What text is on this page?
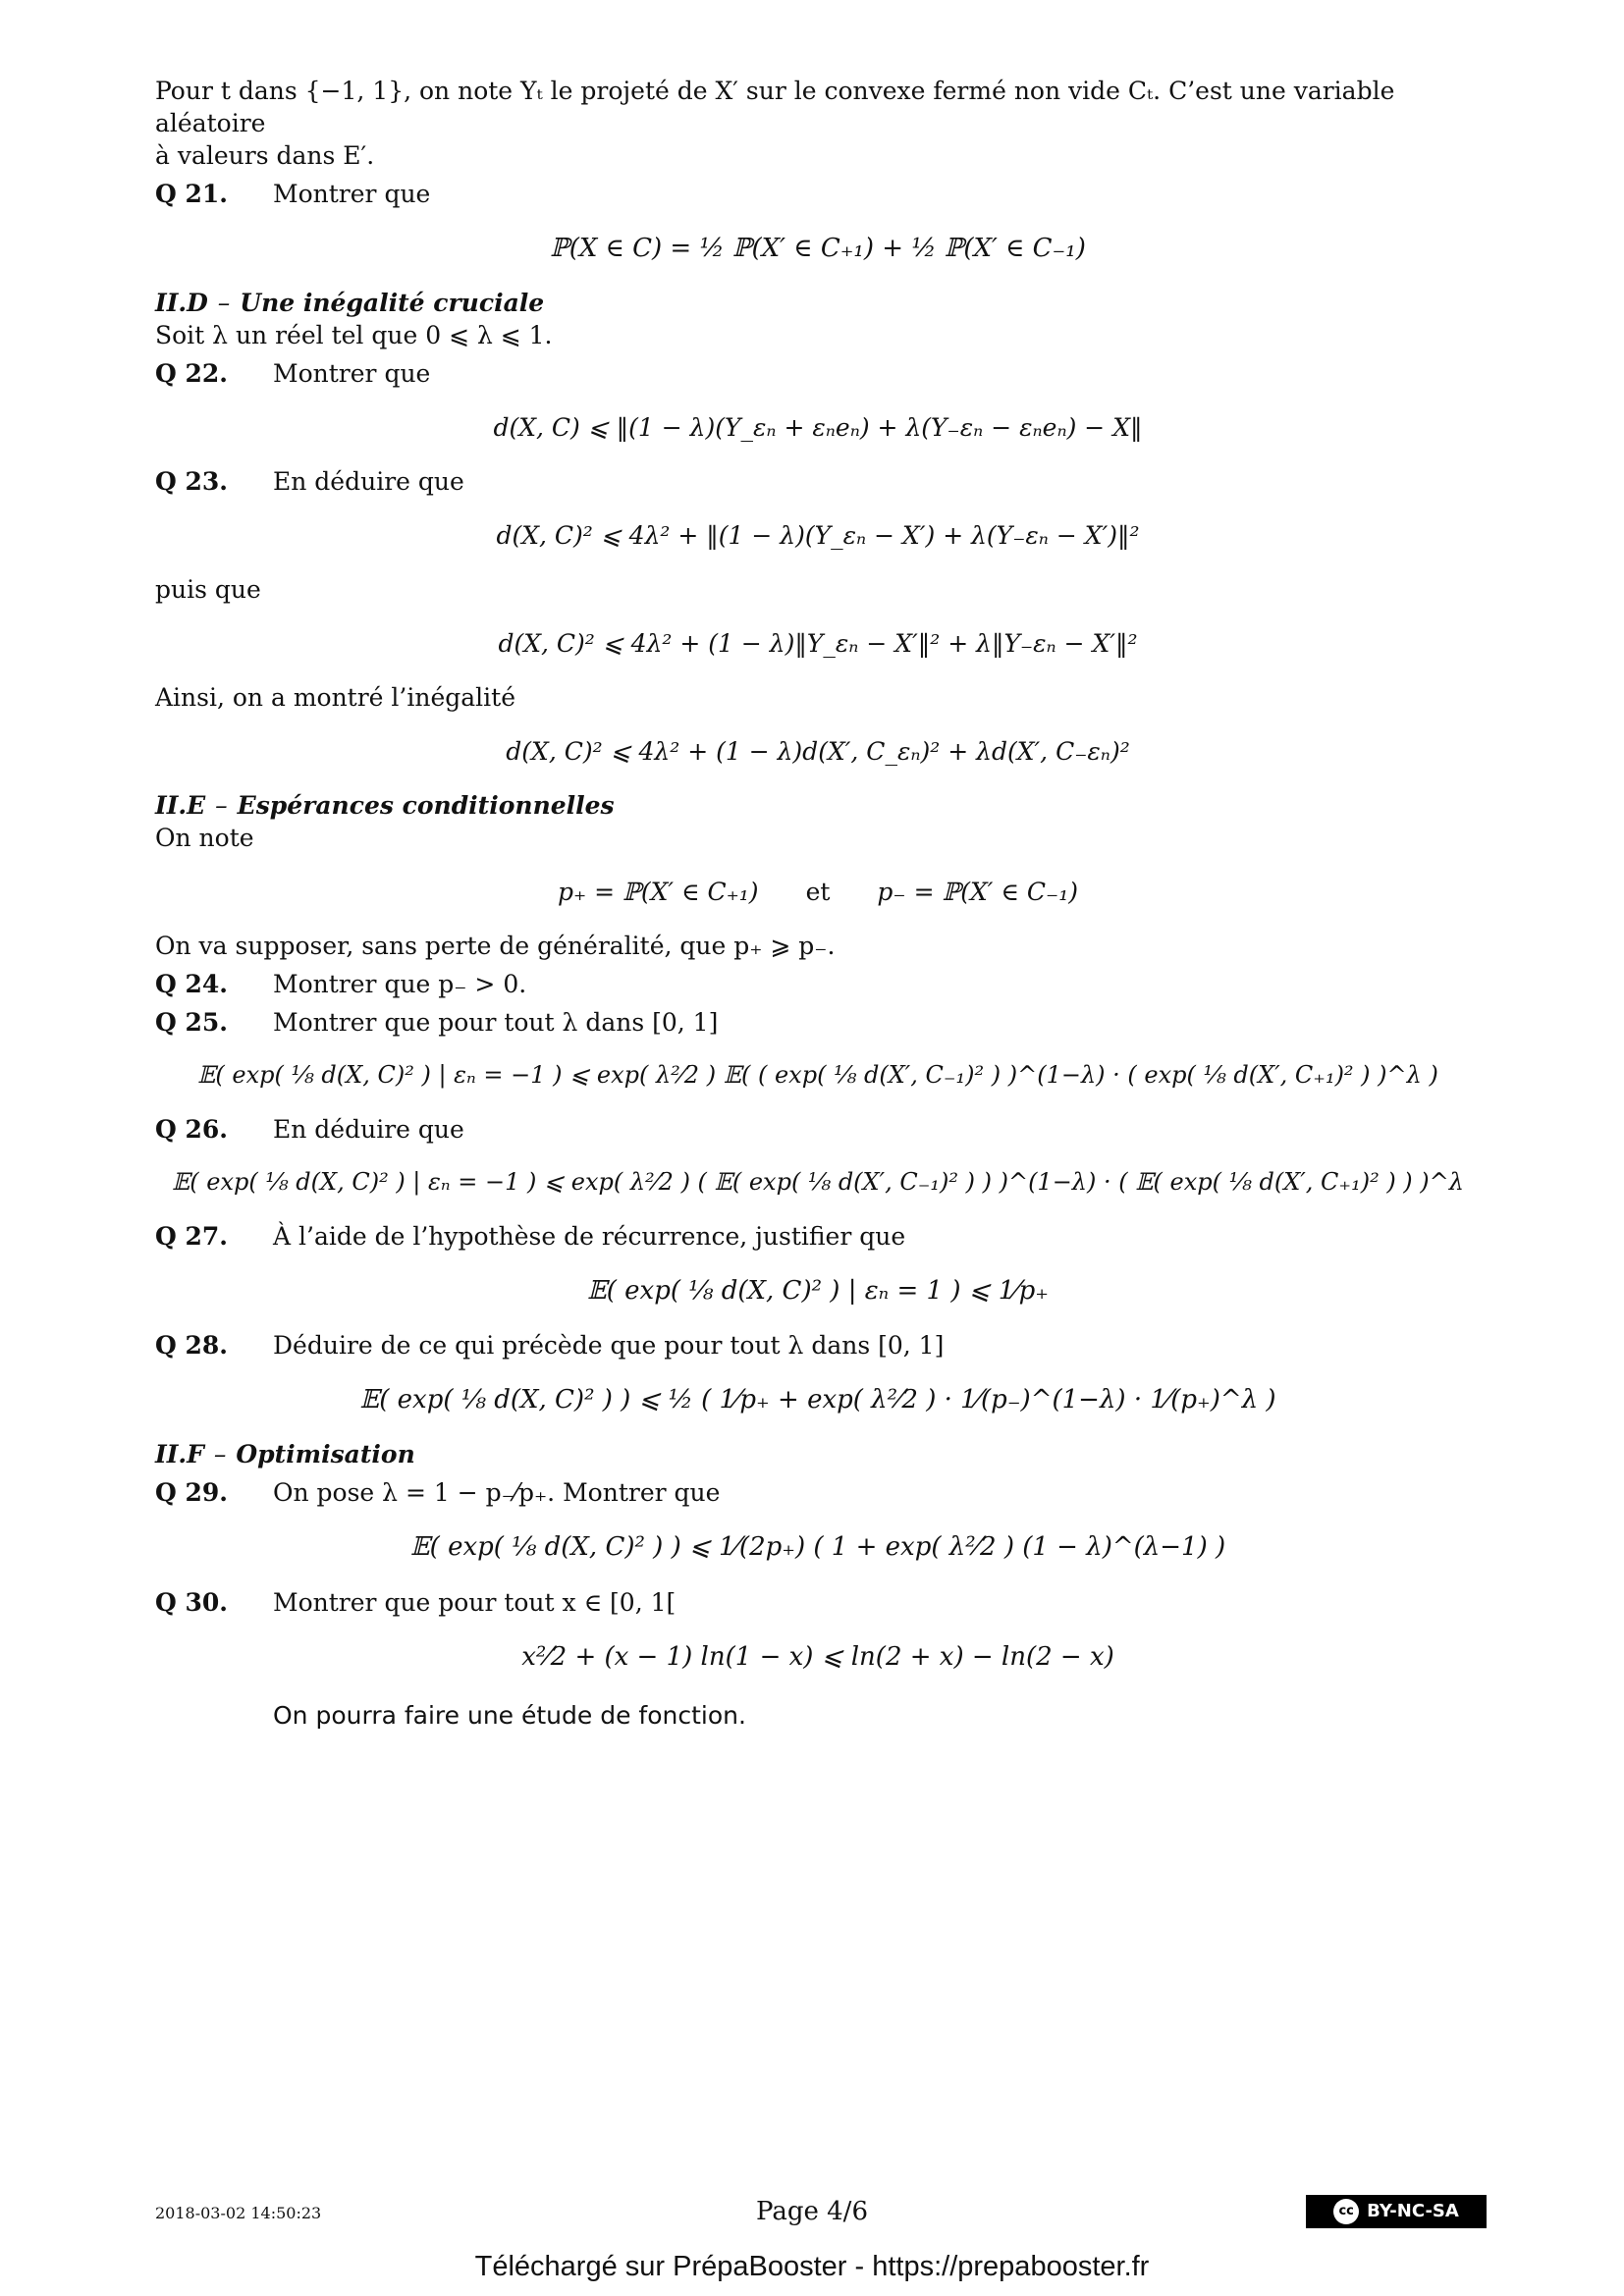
Pour t dans {−1, 1}, on note Yₜ le projeté de X′ sur le convexe fermé non vide Cₜ. C’est une variable aléatoire

à valeurs dans E′.

Q 21.	Montrer que
ℙ(X ∈ C) = ½ ℙ(X′ ∈ C₊₁) + ½ ℙ(X′ ∈ C₋₁)
II.D – Une inégalité cruciale

Soit λ un réel tel que 0 ⩽ λ ⩽ 1.

Q 22.	Montrer que
d(X, C) ⩽ ‖(1 − λ)(Y_εₙ + εₙeₙ) + λ(Y₋εₙ − εₙeₙ) − X‖
Q 23.	En déduire que
d(X, C)² ⩽ 4λ² + ‖(1 − λ)(Y_εₙ − X′) + λ(Y₋εₙ − X′)‖²

puis que

d(X, C)² ⩽ 4λ² + (1 − λ)‖Y_εₙ − X′‖² + λ‖Y₋εₙ − X′‖²

Ainsi, on a montré l’inégalité

d(X, C)² ⩽ 4λ² + (1 − λ)d(X′, C_εₙ)² + λd(X′, C₋εₙ)²
II.E – Espérances conditionnelles

On note

p₊ = ℙ(X′ ∈ C₊₁) et p₋ = ℙ(X′ ∈ C₋₁)

On va supposer, sans perte de généralité, que p₊ ⩾ p₋.

Q 24.	Montrer que p₋ > 0.
Q 25.	Montrer que pour tout λ dans [0, 1]
𝔼( exp( ⅛ d(X, C)² ) | εₙ = −1 ) ⩽ exp( λ²⁄2 ) 𝔼( ( exp( ⅛ d(X′, C₋₁)² ) )^(1−λ) · ( exp( ⅛ d(X′, C₊₁)² ) )^λ )
Q 26.	En déduire que
𝔼( exp( ⅛ d(X, C)² ) | εₙ = −1 ) ⩽ exp( λ²⁄2 ) ( 𝔼( exp( ⅛ d(X′, C₋₁)² ) ) )^(1−λ) · ( 𝔼( exp( ⅛ d(X′, C₊₁)² ) ) )^λ
Q 27.	À l’aide de l’hypothèse de récurrence, justifier que
𝔼( exp( ⅛ d(X, C)² ) | εₙ = 1 ) ⩽ 1⁄p₊
Q 28.	Déduire de ce qui précède que pour tout λ dans [0, 1]
𝔼( exp( ⅛ d(X, C)² ) ) ⩽ ½ ( 1⁄p₊ + exp( λ²⁄2 ) · 1⁄(p₋)^(1−λ) · 1⁄(p₊)^λ )
II.F – Optimisation
Q 29.	On pose λ = 1 − p₋⁄p₊. Montrer que
𝔼( exp( ⅛ d(X, C)² ) ) ⩽ 1⁄(2p₊) ( 1 + exp( λ²⁄2 ) (1 − λ)^(λ−1) )
Q 30.	Montrer que pour tout x ∈ [0, 1[
x²⁄2 + (x − 1) ln(1 − x) ⩽ ln(2 + x) − ln(2 − x)

On pourra faire une étude de fonction.

2018-03-02 14:50:23	Page 4/6	cc BY-NC-SA
Téléchargé sur PrépaBooster - https://prepabooster.fr
